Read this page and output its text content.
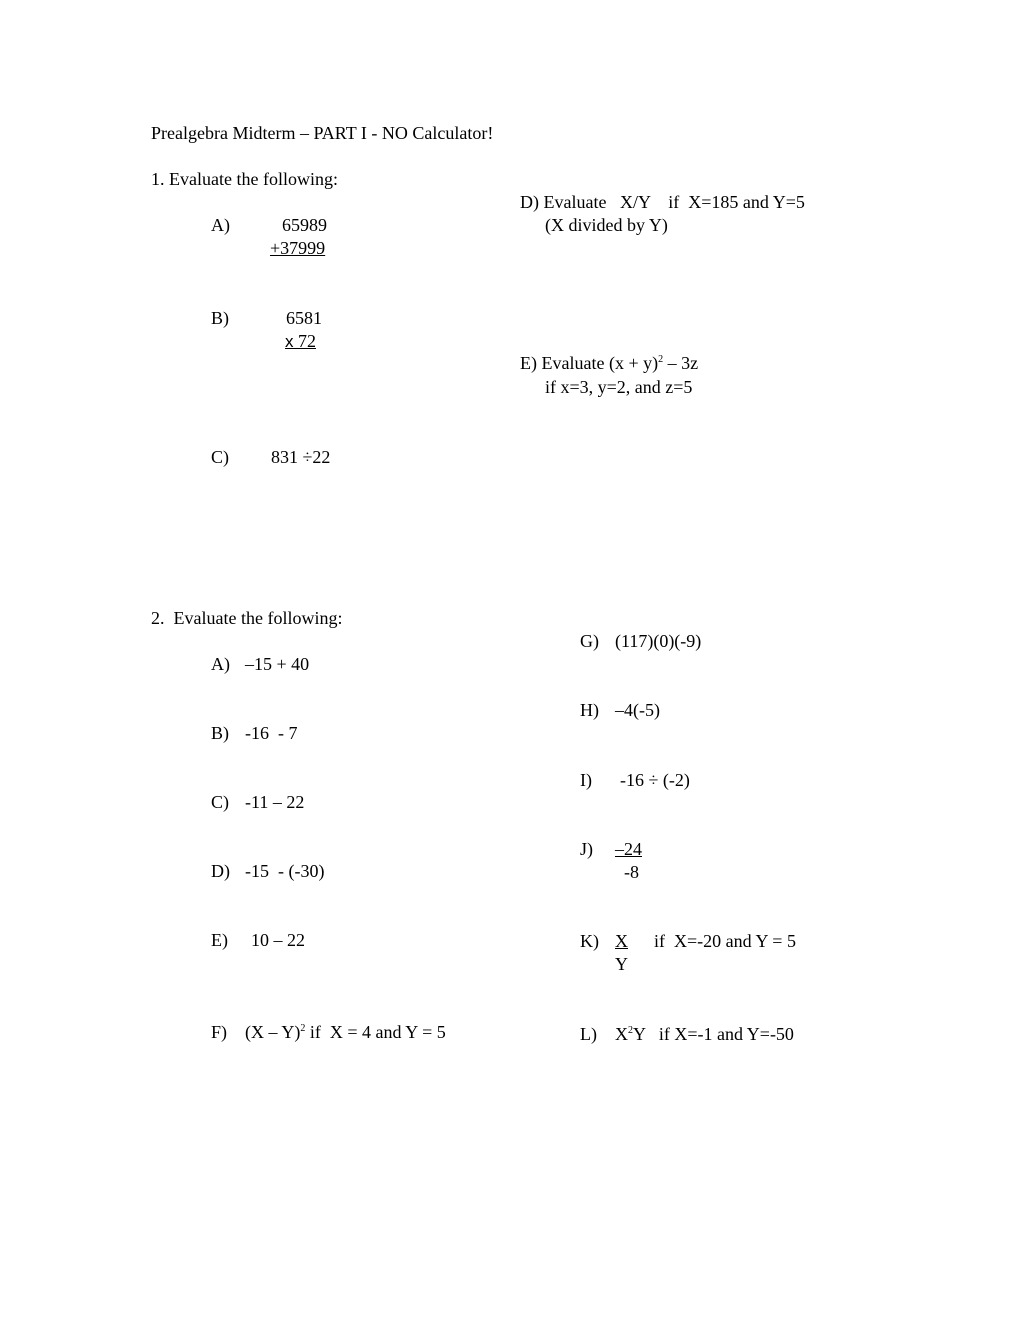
Prealgebra Midterm – PART I - NO Calculator!
1. Evaluate the following:
A)	65989
+37999
B)	6581
x 72
C) 831 ÷22
D) Evaluate   X/Y    if  X=185 and Y=5
(X divided by Y)
E) Evaluate $(x + y)^2 - 3z$
if x=3, y=2, and z=5
2.  Evaluate the following:
A) –15 + 40
B) -16  - 7
C) -11 – 22
D) -15  - (-30)
E) 10 – 22
F) (X – Y)$^2$ if  X = 4 and Y = 5
G) (117)(0)(-9)
H) –4(-5)
I) -16 ÷ (-2)
J) –24
-8
K) X
Y
if  X=-20 and Y = 5
L) $X^2Y$   if X=-1 and Y=-50
